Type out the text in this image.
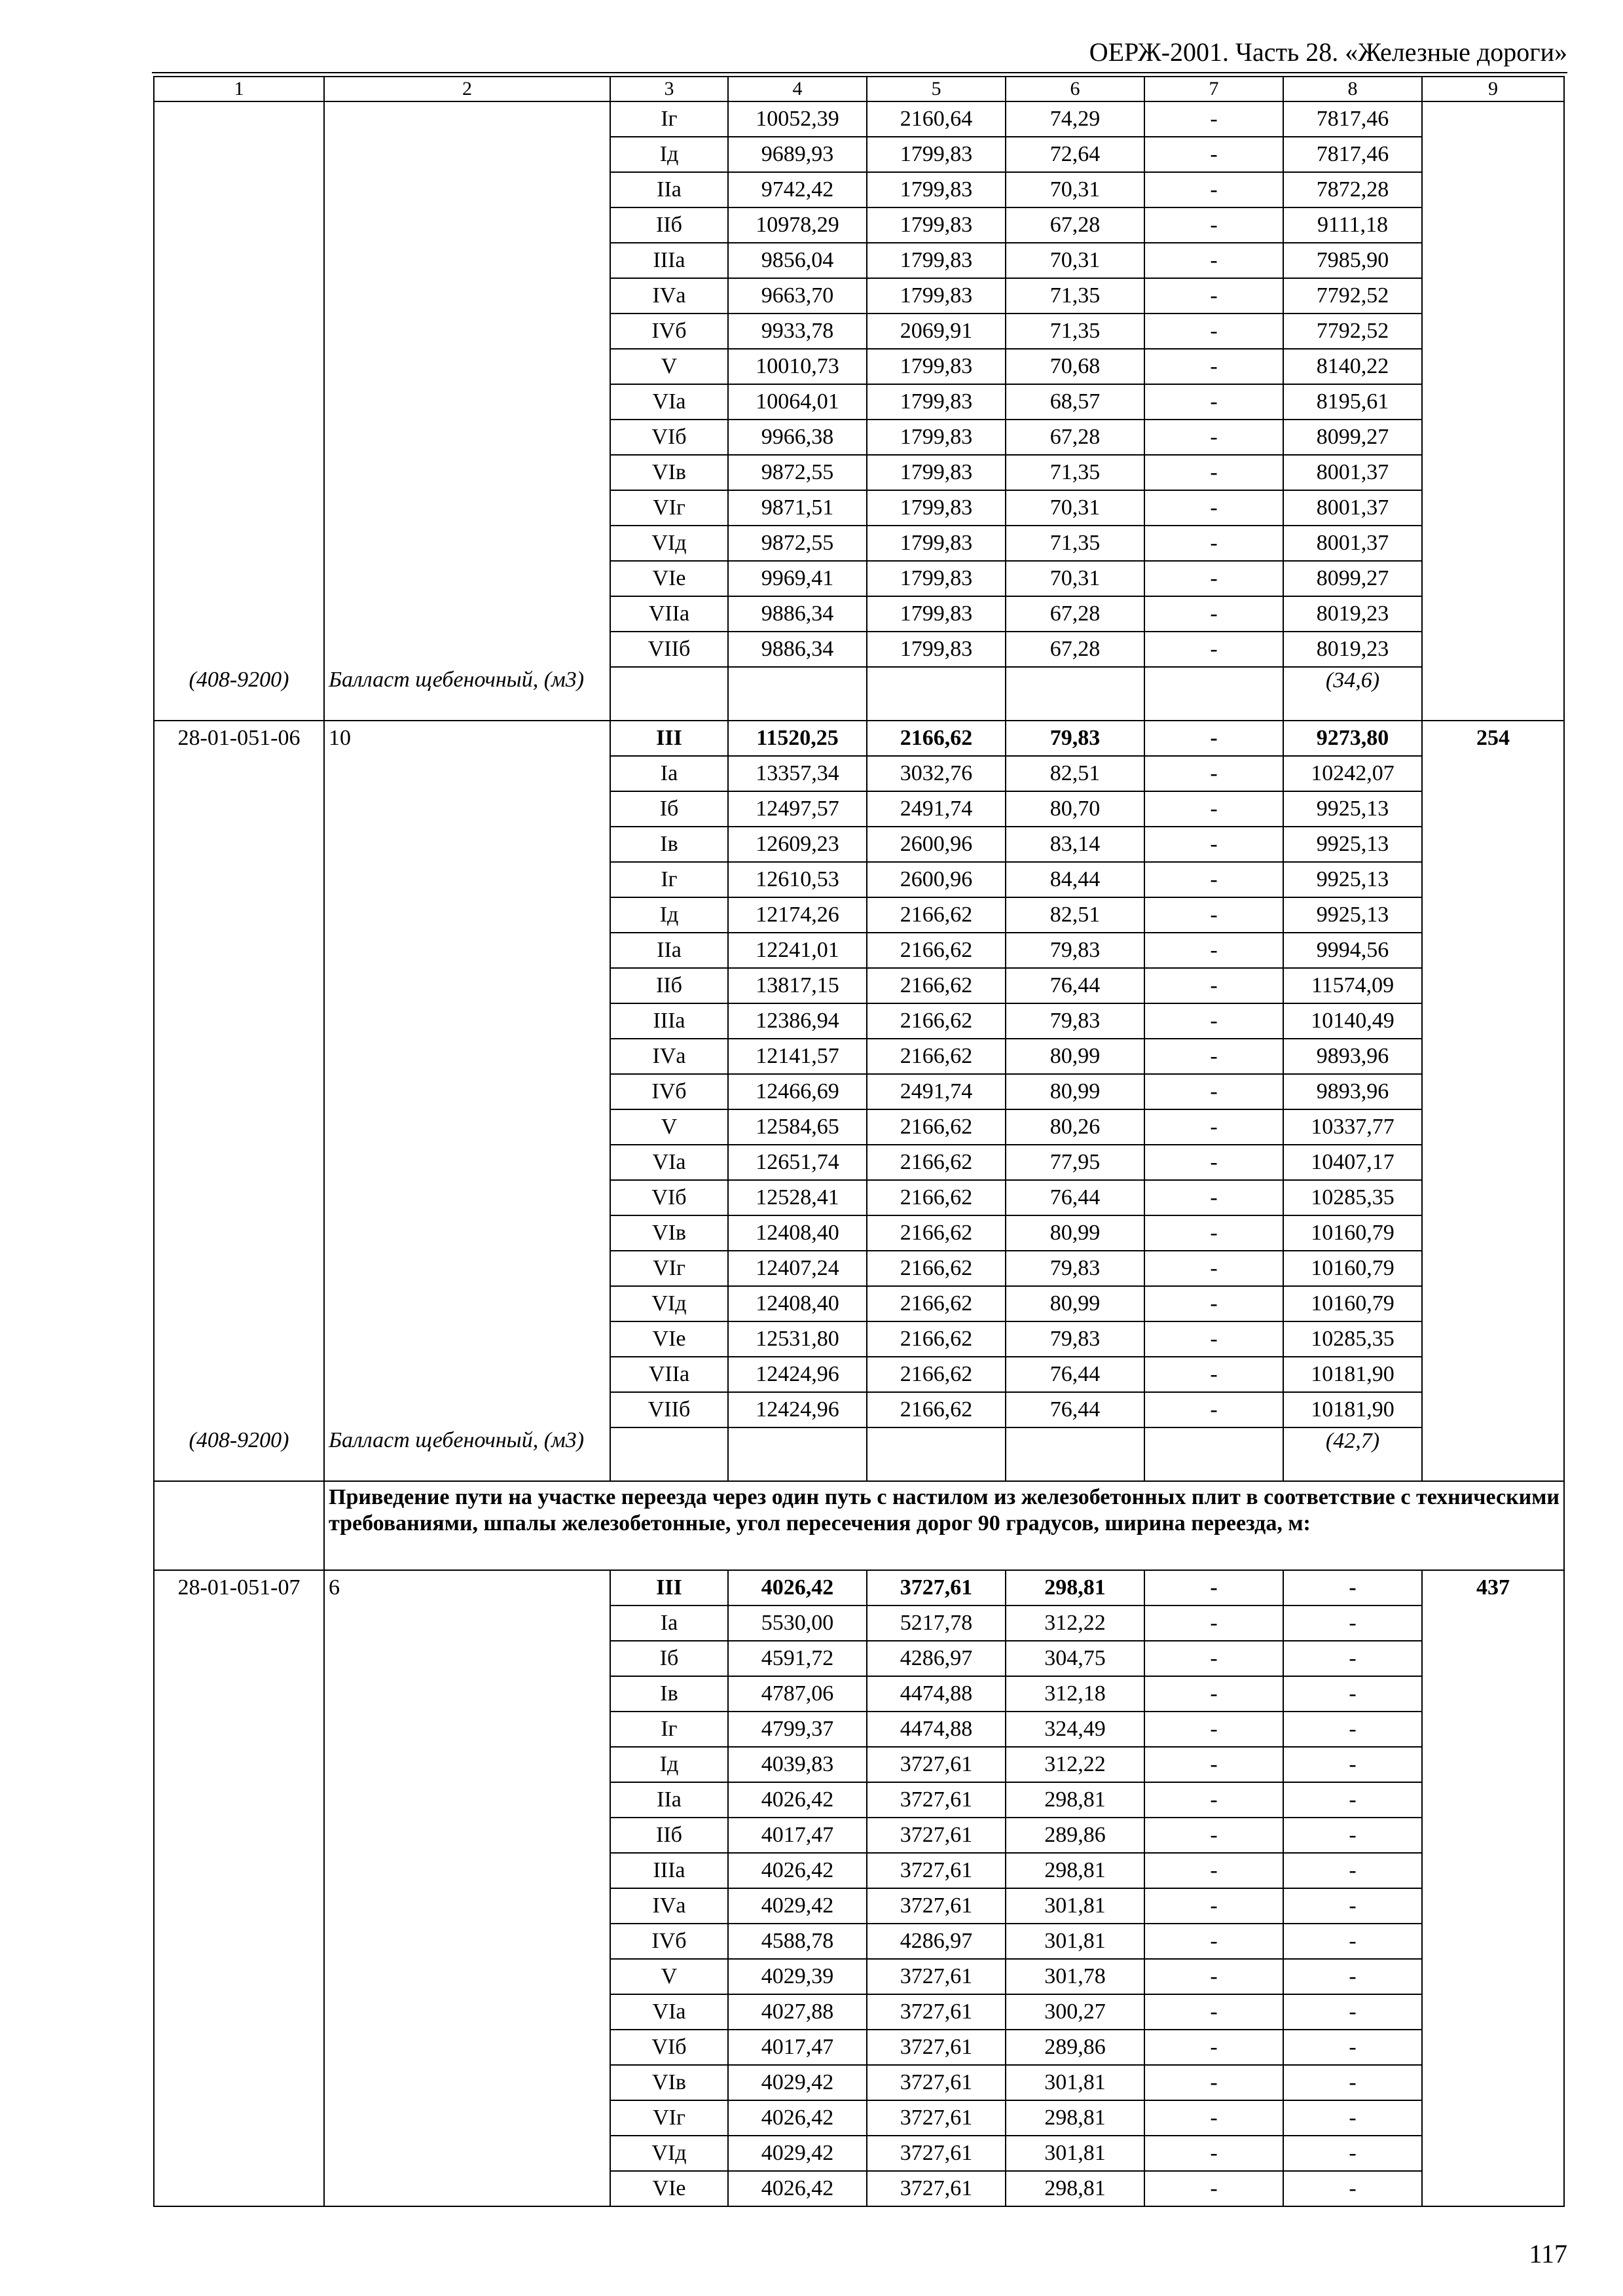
ОЕРЖ-2001. Часть 28. «Железные дороги»
1	2	3	4	5	6	7	8	9
		Iг	10052,39	2160,64	74,29	-	7817,46	
		Iд	9689,93	1799,83	72,64	-	7817,46	
		IIа	9742,42	1799,83	70,31	-	7872,28	
		IIб	10978,29	1799,83	67,28	-	9111,18	
		IIIа	9856,04	1799,83	70,31	-	7985,90	
		IVа	9663,70	1799,83	71,35	-	7792,52	
		IVб	9933,78	2069,91	71,35	-	7792,52	
		V	10010,73	1799,83	70,68	-	8140,22	
		VIа	10064,01	1799,83	68,57	-	8195,61	
		VIб	9966,38	1799,83	67,28	-	8099,27	
		VIв	9872,55	1799,83	71,35	-	8001,37	
		VIг	9871,51	1799,83	70,31	-	8001,37	
		VIд	9872,55	1799,83	71,35	-	8001,37	
		VIе	9969,41	1799,83	70,31	-	8099,27	
		VIIа	9886,34	1799,83	67,28	-	8019,23	
		VIIб	9886,34	1799,83	67,28	-	8019,23	
(408-9200)	Балласт щебеночный, (м3)						(34,6)	
28-01-051-06	10	III	11520,25	2166,62	79,83	-	9273,80	254
		Iа	13357,34	3032,76	82,51	-	10242,07	
		Iб	12497,57	2491,74	80,70	-	9925,13	
		Iв	12609,23	2600,96	83,14	-	9925,13	
		Iг	12610,53	2600,96	84,44	-	9925,13	
		Iд	12174,26	2166,62	82,51	-	9925,13	
		IIа	12241,01	2166,62	79,83	-	9994,56	
		IIб	13817,15	2166,62	76,44	-	11574,09	
		IIIа	12386,94	2166,62	79,83	-	10140,49	
		IVа	12141,57	2166,62	80,99	-	9893,96	
		IVб	12466,69	2491,74	80,99	-	9893,96	
		V	12584,65	2166,62	80,26	-	10337,77	
		VIа	12651,74	2166,62	77,95	-	10407,17	
		VIб	12528,41	2166,62	76,44	-	10285,35	
		VIв	12408,40	2166,62	80,99	-	10160,79	
		VIг	12407,24	2166,62	79,83	-	10160,79	
		VIд	12408,40	2166,62	80,99	-	10160,79	
		VIе	12531,80	2166,62	79,83	-	10285,35	
		VIIа	12424,96	2166,62	76,44	-	10181,90	
		VIIб	12424,96	2166,62	76,44	-	10181,90	
(408-9200)	Балласт щебеночный, (м3)						(42,7)	
	Приведение пути на участке переезда через один путь с настилом из железобетонных плит в соответствие с техническими требованиями, шпалы железобетонные, угол пересечения дорог 90 градусов, ширина переезда, м:							
28-01-051-07	6	III	4026,42	3727,61	298,81	-	-	437
		Iа	5530,00	5217,78	312,22	-	-	
		Iб	4591,72	4286,97	304,75	-	-	
		Iв	4787,06	4474,88	312,18	-	-	
		Iг	4799,37	4474,88	324,49	-	-	
		Iд	4039,83	3727,61	312,22	-	-	
		IIа	4026,42	3727,61	298,81	-	-	
		IIб	4017,47	3727,61	289,86	-	-	
		IIIа	4026,42	3727,61	298,81	-	-	
		IVа	4029,42	3727,61	301,81	-	-	
		IVб	4588,78	4286,97	301,81	-	-	
		V	4029,39	3727,61	301,78	-	-	
		VIа	4027,88	3727,61	300,27	-	-	
		VIб	4017,47	3727,61	289,86	-	-	
		VIв	4029,42	3727,61	301,81	-	-	
		VIг	4026,42	3727,61	298,81	-	-	
		VIд	4029,42	3727,61	301,81	-	-	
		VIе	4026,42	3727,61	298,81	-	-	
117
